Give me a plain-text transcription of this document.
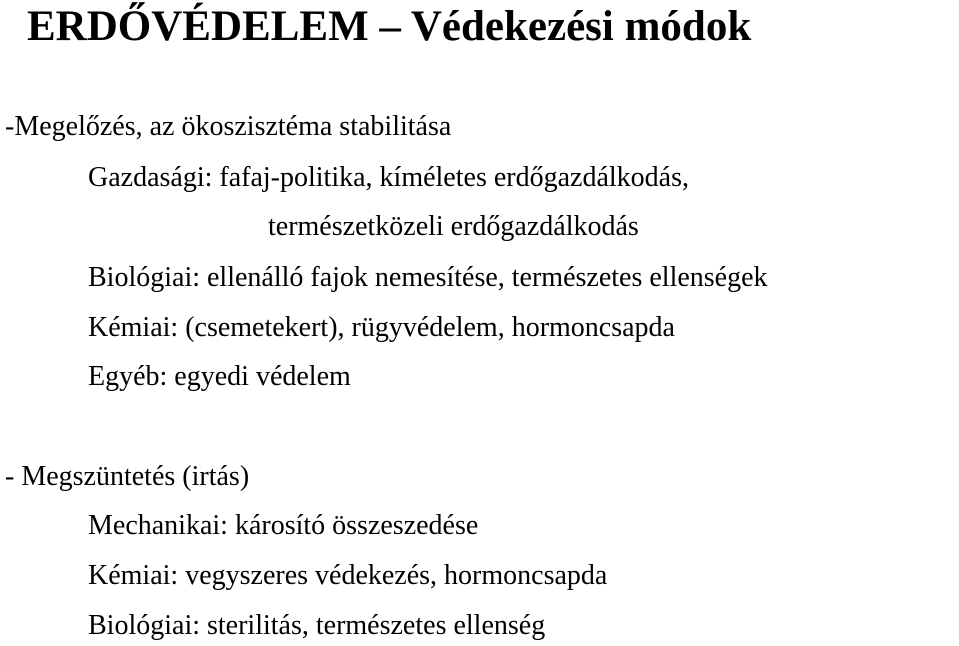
ERDŐVÉDELEM – Védekezési módok
-Megelőzés, az ökoszisztéma stabilitása
Gazdasági: fafaj-politika, kíméletes erdőgazdálkodás,
természetközeli erdőgazdálkodás
Biológiai: ellenálló fajok nemesítése, természetes ellenségek
Kémiai: (csemetekert), rügyvédelem, hormoncsapda
Egyéb: egyedi védelem
- Megszüntetés (irtás)
Mechanikai: károsító összeszedése
Kémiai: vegyszeres védekezés, hormoncsapda
Biológiai: sterilitás, természetes ellenség
